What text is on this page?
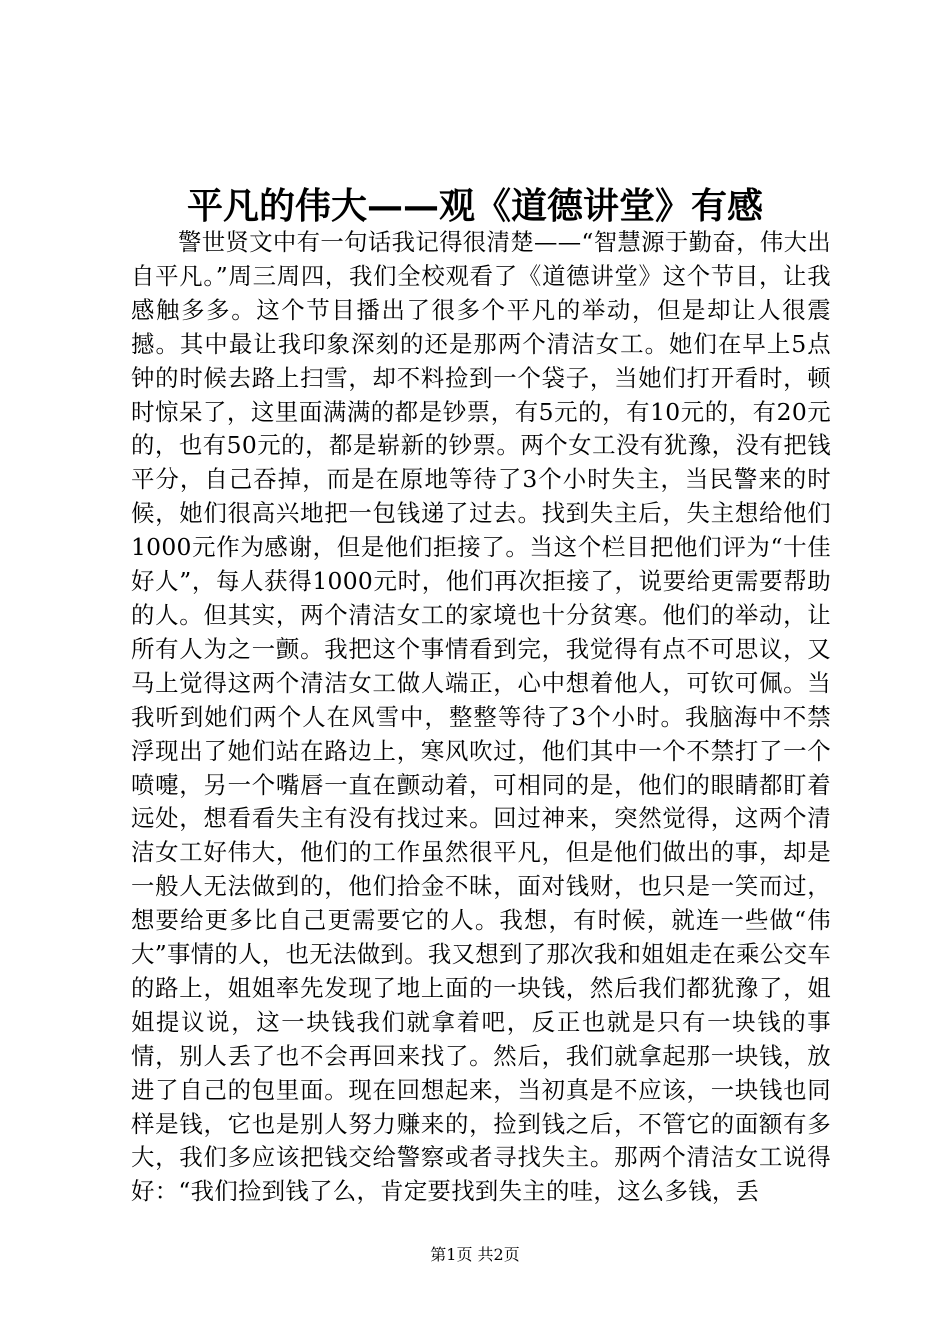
平凡的伟大——观《道德讲堂》有感

警世贤文中有一句话我记得很清楚——“智慧源于勤奋，伟大出自平凡。”周三周四，我们全校观看了《道德讲堂》这个节目，让我感触多多。这个节目播出了很多个平凡的举动，但是却让人很震撼。其中最让我印象深刻的还是那两个清洁女工。她们在早上5点钟的时候去路上扫雪，却不料捡到一个袋子，当她们打开看时，顿时惊呆了，这里面满满的都是钞票，有5元的，有10元的，有20元的，也有50元的，都是崭新的钞票。两个女工没有犹豫，没有把钱平分，自己吞掉，而是在原地等待了3个小时失主，当民警来的时候，她们很高兴地把一包钱递了过去。找到失主后，失主想给他们1000元作为感谢，但是他们拒接了。当这个栏目把他们评为“十佳好人”，每人获得1000元时，他们再次拒接了，说要给更需要帮助的人。但其实，两个清洁女工的家境也十分贫寒。他们的举动，让所有人为之一颤。我把这个事情看到完，我觉得有点不可思议，又马上觉得这两个清洁女工做人端正，心中想着他人，可钦可佩。当我听到她们两个人在风雪中，整整等待了3个小时。我脑海中不禁浮现出了她们站在路边上，寒风吹过，他们其中一个不禁打了一个喷嚏，另一个嘴唇一直在颤动着，可相同的是，他们的眼睛都盯着远处，想看看失主有没有找过来。回过神来，突然觉得，这两个清洁女工好伟大，他们的工作虽然很平凡，但是他们做出的事，却是一般人无法做到的，他们拾金不昧，面对钱财，也只是一笑而过，想要给更多比自己更需要它的人。我想，有时候，就连一些做“伟大”事情的人，也无法做到。我又想到了那次我和姐姐走在乘公交车的路上，姐姐率先发现了地上面的一块钱，然后我们都犹豫了，姐姐提议说，这一块钱我们就拿着吧，反正也就是只有一块钱的事情，别人丢了也不会再回来找了。然后，我们就拿起那一块钱，放进了自己的包里面。现在回想起来，当初真是不应该，一块钱也同样是钱，它也是别人努力赚来的，捡到钱之后，不管它的面额有多大，我们多应该把钱交给警察或者寻找失主。那两个清洁女工说得好：“我们捡到钱了么，肯定要找到失主的哇，这么多钱，丢

第1页 共2页
